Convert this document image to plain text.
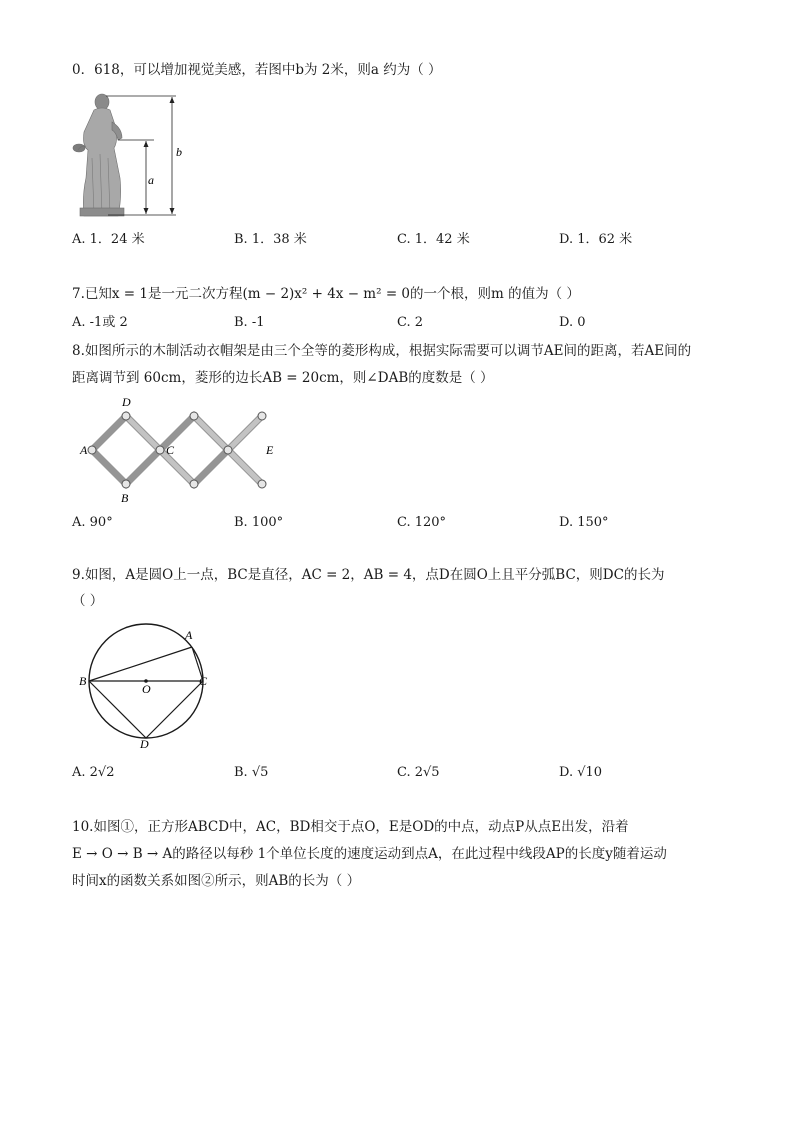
0．618，可以增加视觉美感，若图中b为 2米，则a 约为（ ）
b
a
A. 1．24 米	B. 1．38 米	C. 1．42 米	D. 1．62 米
7.已知x = 1是一元二次方程(m − 2)x² + 4x − m² = 0的一个根，则m 的值为（ ）
A. -1或 2	B. -1	C. 2	D. 0
8.如图所示的木制活动衣帽架是由三个全等的菱形构成，根据实际需要可以调节AE间的距离，若AE间的
距离调节到 60cm，菱形的边长AB = 20cm，则∠DAB的度数是（ ）
D
A	C	E
B
A. 90°	B. 100°	C. 120°	D. 150°
9.如图，A是圆O上一点，BC是直径，AC = 2，AB = 4，点D在圆O上且平分弧BC，则DC的长为
（ ）
A
B
O
C
D
A. 2√2	B. √5	C. 2√5	D. √10
10.如图①，正方形ABCD中，AC，BD相交于点O，E是OD的中点，动点P从点E出发，沿着
E → O → B → A的路径以每秒 1个单位长度的速度运动到点A，在此过程中线段AP的长度y随着运动
时间x的函数关系如图②所示，则AB的长为（ ）
